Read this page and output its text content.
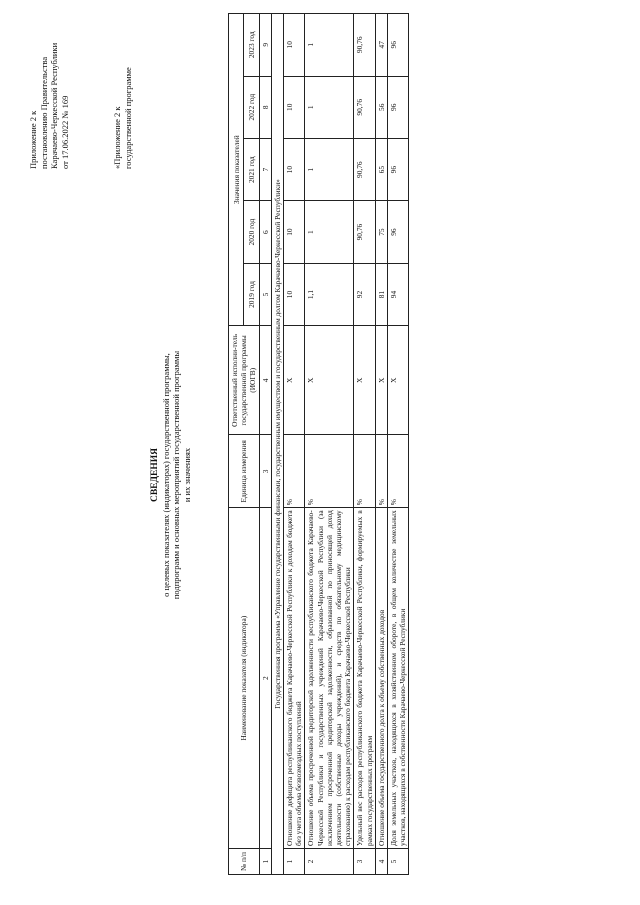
Приложение 2 к постановлению Правительства Карачаево-Черкесской Республики от 17.06.2022 № 169	«Приложение 2 к государственной программе
СВЕДЕНИЯ о целевых показателях (индикаторах) государственной программы, подпрограмм и основных мероприятий государственной программы и их значениях
№ п/п	Наименование показателя (индикатора)	Единица измерения	Ответственный исполни-тель государственной программы (ИОГВ)	Значения показателей				
				2019 год	2020 год	2021 год	2022 год	2023 год
1	2	3	4	5	6	7	8	9
Государственная программа «Управление государственными финансами, государственным имуществом и государственным долгом Карачаево-Черкесской Республики»								
1	Отношение дефицита республиканского бюджета Карачаево-Черкесской Республики к доходам бюджета без учета объема безвозмездных поступлений	%	X	10	10	10	10	10
2	Отношение объема просроченной кредиторской задолженности республиканского бюджета Карачаево-Черкесской Республики и государственных учреждений Карачаево-Черкесской Республики (за исключением просроченной кредиторской задолженности, образованной по приносящей доход деятельности (собственные доходы учреждений), и средств по обязательному медицинскому страхованию) к расходам республиканского бюджета Карачаево-Черкесской Республики	%	X	1,1	1	1	1	1
3	Удельный вес расходов республиканского бюджета Карачаево-Черкесской Республики, формируемых в рамках государственных программ	%	X	92	90,76	90,76	90,76	90,76
4	Отношение объема государственного долга к объему собственных доходов	%	X	81	75	65	56	47
5	Доля земельных участков, находящихся в хозяйственном обороте, в общем количестве земельных участков, находящихся в собственности Карачаево-Черкесской Республики	%	X	94	96	96	96	96
